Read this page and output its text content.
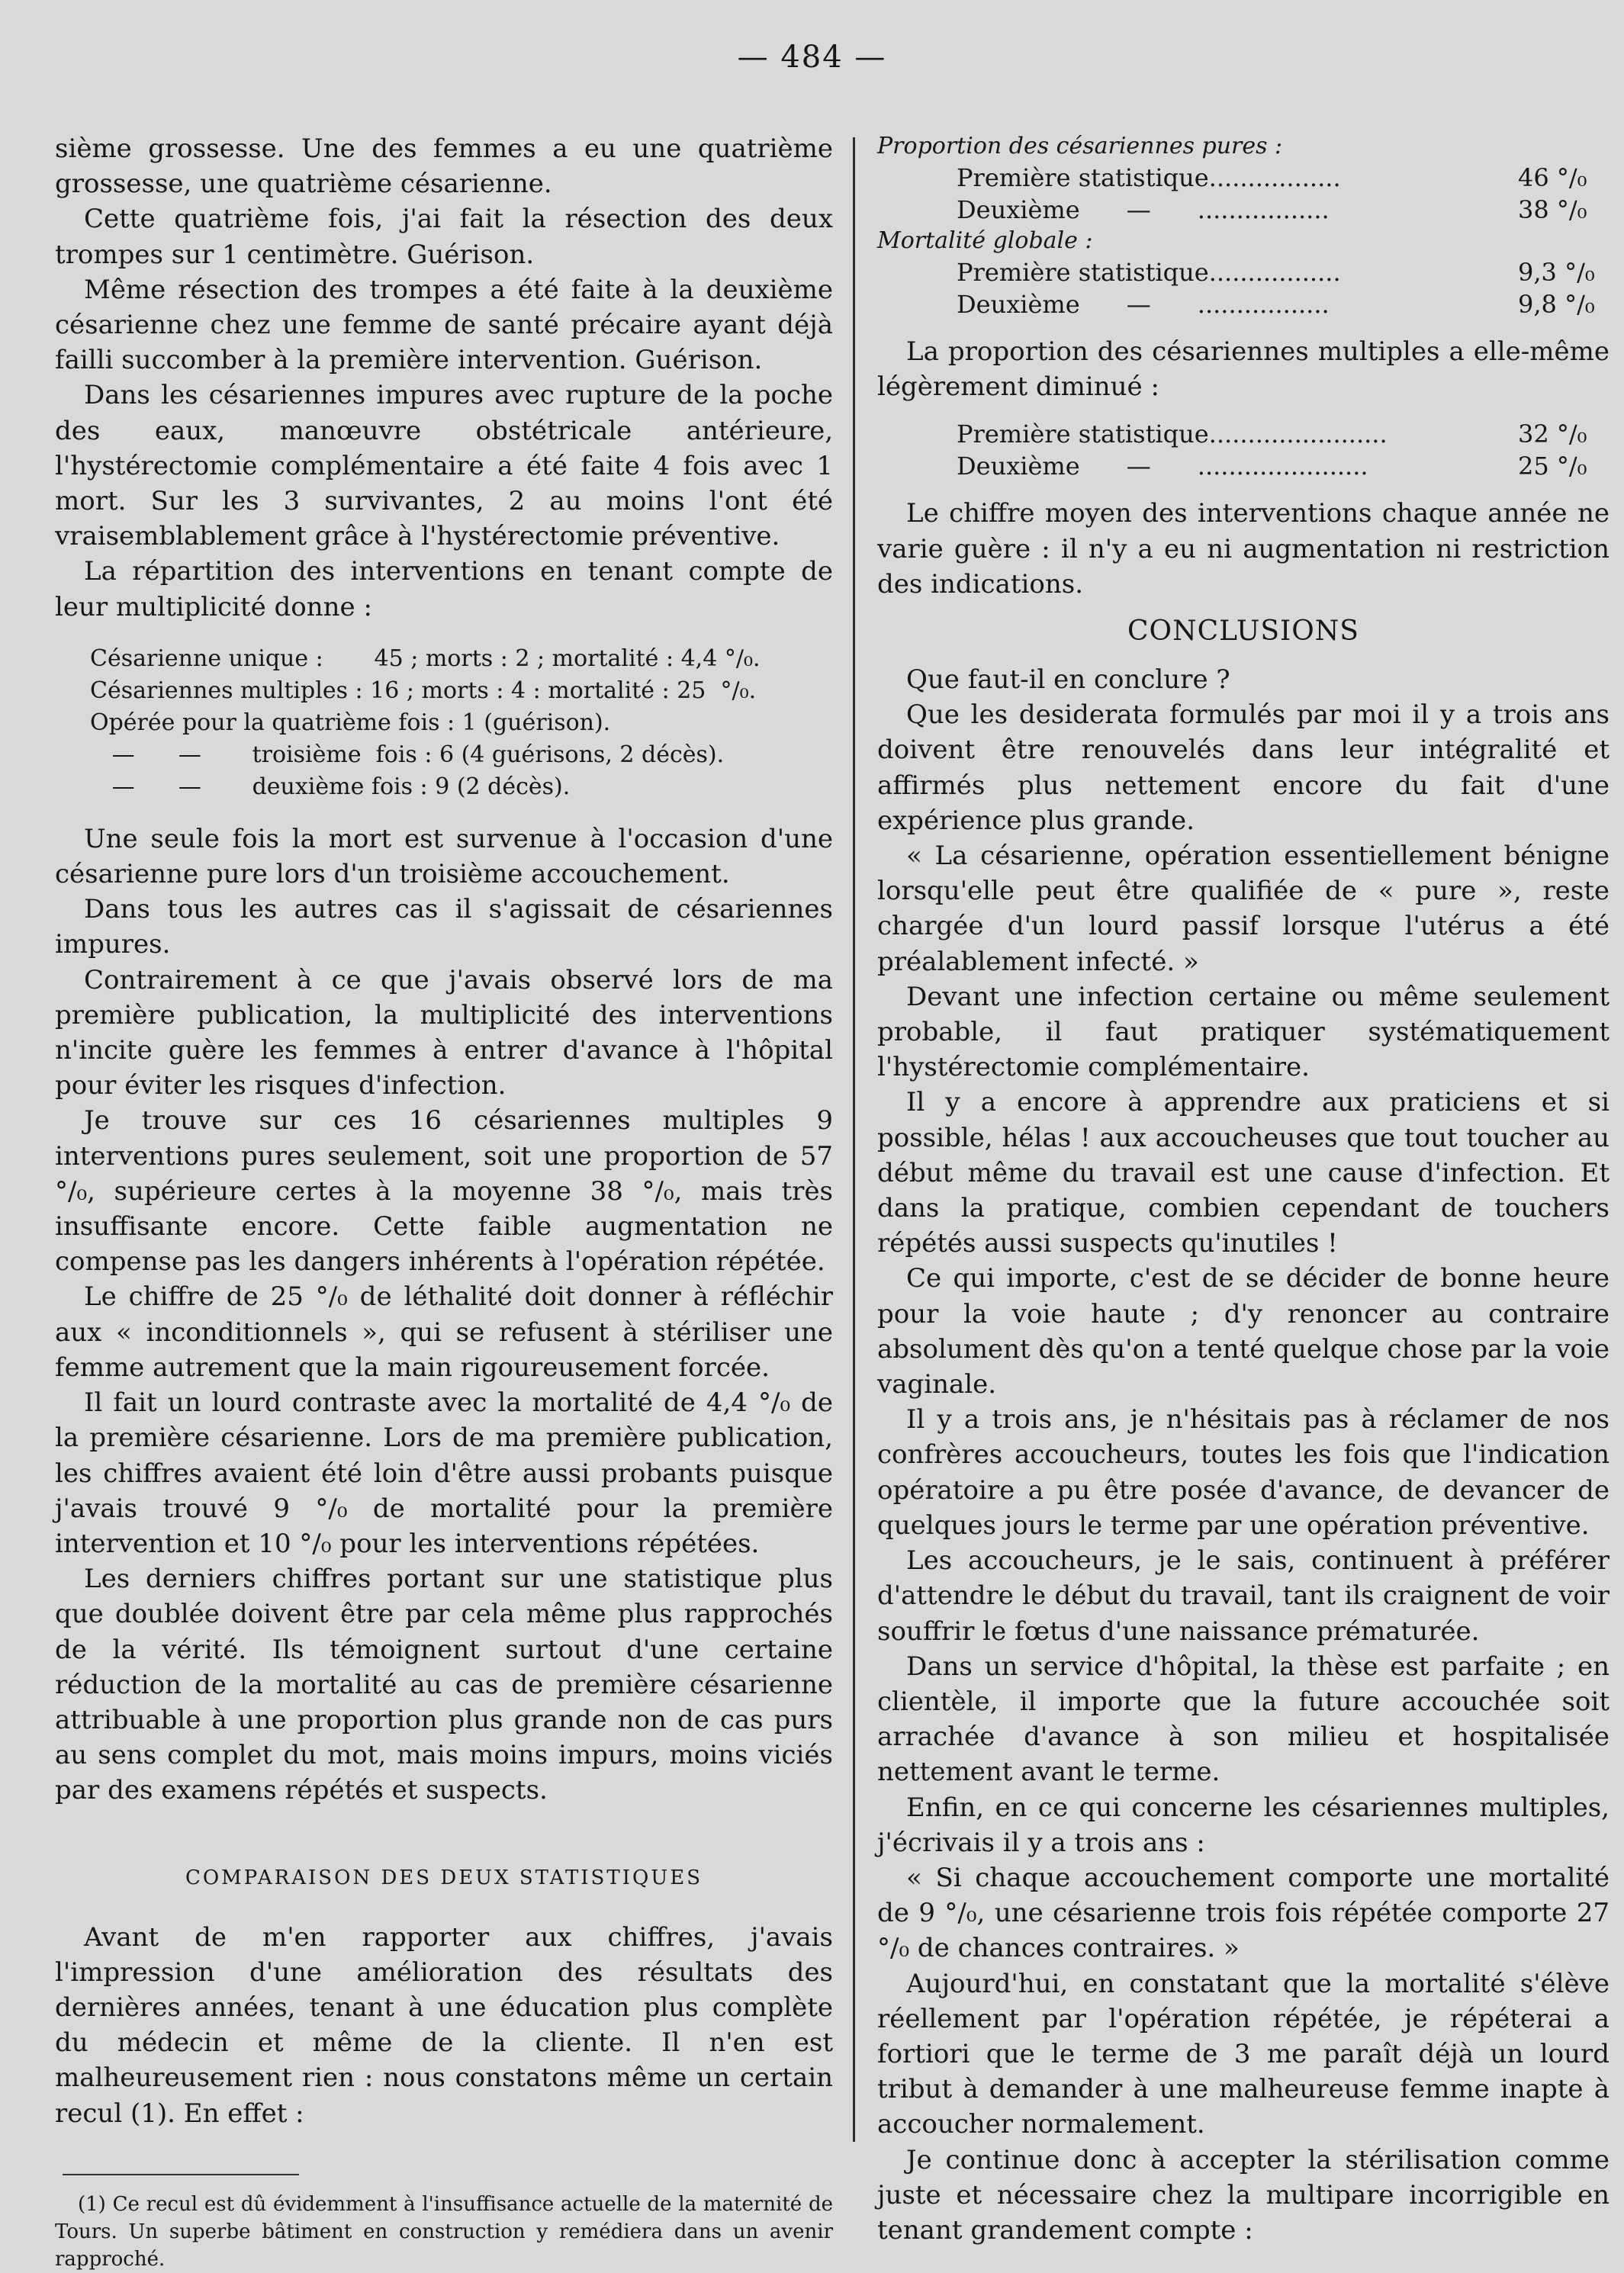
— 484 —

sième grossesse. Une des femmes a eu une quatrième grossesse, une quatrième césarienne.

Cette quatrième fois, j'ai fait la résection des deux trompes sur 1 centimètre. Guérison.

Même résection des trompes a été faite à la deuxième césarienne chez une femme de santé précaire ayant déjà failli succomber à la première intervention. Guérison.

Dans les césariennes impures avec rupture de la poche des eaux, manœuvre obstétricale antérieure, l'hystérectomie complémentaire a été faite 4 fois avec 1 mort. Sur les 3 survivantes, 2 au moins l'ont été vraisemblablement grâce à l'hystérectomie préventive.

La répartition des interventions en tenant compte de leur multiplicité donne :

Césarienne unique :       45 ; morts : 2 ; mortalité : 4,4 °/₀.

Césariennes multiples : 16 ; morts : 4 : mortalité : 25  °/₀.

Opérée pour la quatrième fois : 1 (guérison).

—      —       troisième  fois : 6 (4 guérisons, 2 décès).

—      —       deuxième fois : 9 (2 décès).

Une seule fois la mort est survenue à l'occasion d'une césarienne pure lors d'un troisième accouchement.

Dans tous les autres cas il s'agissait de césariennes impures.

Contrairement à ce que j'avais observé lors de ma première publication, la multiplicité des interventions n'incite guère les femmes à entrer d'avance à l'hôpital pour éviter les risques d'infection.

Je trouve sur ces 16 césariennes multiples 9 interventions pures seulement, soit une proportion de 57 °/₀, supérieure certes à la moyenne 38 °/₀, mais très insuffisante encore. Cette faible augmentation ne compense pas les dangers inhérents à l'opération répétée.

Le chiffre de 25 °/₀ de léthalité doit donner à réfléchir aux « inconditionnels », qui se refusent à stériliser une femme autrement que la main rigoureusement forcée.

Il fait un lourd contraste avec la mortalité de 4,4 °/₀ de la première césarienne. Lors de ma première publication, les chiffres avaient été loin d'être aussi probants puisque j'avais trouvé 9 °/₀ de mortalité pour la première intervention et 10 °/₀ pour les interventions répétées.

Les derniers chiffres portant sur une statistique plus que doublée doivent être par cela même plus rapprochés de la vérité. Ils témoignent surtout d'une certaine réduction de la mortalité au cas de première césarienne attribuable à une proportion plus grande non de cas purs au sens complet du mot, mais moins impurs, moins viciés par des examens répétés et suspects.

COMPARAISON DES DEUX STATISTIQUES

Avant de m'en rapporter aux chiffres, j'avais l'impression d'une amélioration des résultats des dernières années, tenant à une éducation plus complète du médecin et même de la cliente. Il n'en est malheureusement rien : nous constatons même un certain recul (1). En effet :

(1) Ce recul est dû évidemment à l'insuffisance actuelle de la maternité de Tours. Un superbe bâtiment en construction y remédiera dans un avenir rapproché.

Proportion des césariennes pures :

Première statistique.................	46 °/₀
Deuxième      —      .................	38 °/₀

Mortalité globale :

Première statistique.................	9,3 °/₀
Deuxième      —      .................	9,8 °/₀

La proportion des césariennes multiples a elle-même légèrement diminué :

Première statistique.......................	32 °/₀
Deuxième      —      ......................	25 °/₀

Le chiffre moyen des interventions chaque année ne varie guère : il n'y a eu ni augmentation ni restriction des indications.

CONCLUSIONS

Que faut-il en conclure ?

Que les desiderata formulés par moi il y a trois ans doivent être renouvelés dans leur intégralité et affirmés plus nettement encore du fait d'une expérience plus grande.

« La césarienne, opération essentiellement bénigne lorsqu'elle peut être qualifiée de « pure », reste chargée d'un lourd passif lorsque l'utérus a été préalablement infecté. »

Devant une infection certaine ou même seulement probable, il faut pratiquer systématiquement l'hystérectomie complémentaire.

Il y a encore à apprendre aux praticiens et si possible, hélas ! aux accoucheuses que tout toucher au début même du travail est une cause d'infection. Et dans la pratique, combien cependant de touchers répétés aussi suspects qu'inutiles !

Ce qui importe, c'est de se décider de bonne heure pour la voie haute ; d'y renoncer au contraire absolument dès qu'on a tenté quelque chose par la voie vaginale.

Il y a trois ans, je n'hésitais pas à réclamer de nos confrères accoucheurs, toutes les fois que l'indication opératoire a pu être posée d'avance, de devancer de quelques jours le terme par une opération préventive.

Les accoucheurs, je le sais, continuent à préférer d'attendre le début du travail, tant ils craignent de voir souffrir le fœtus d'une naissance prématurée.

Dans un service d'hôpital, la thèse est parfaite ; en clientèle, il importe que la future accouchée soit arrachée d'avance à son milieu et hospitalisée nettement avant le terme.

Enfin, en ce qui concerne les césariennes multiples, j'écrivais il y a trois ans :

« Si chaque accouchement comporte une mortalité de 9 °/₀, une césarienne trois fois répétée comporte 27 °/₀ de chances contraires. »

Aujourd'hui, en constatant que la mortalité s'élève réellement par l'opération répétée, je répéterai a fortiori que le terme de 3 me paraît déjà un lourd tribut à demander à une malheureuse femme inapte à accoucher normalement.

Je continue donc à accepter la stérilisation comme juste et nécessaire chez la multipare incorrigible en tenant grandement compte :
